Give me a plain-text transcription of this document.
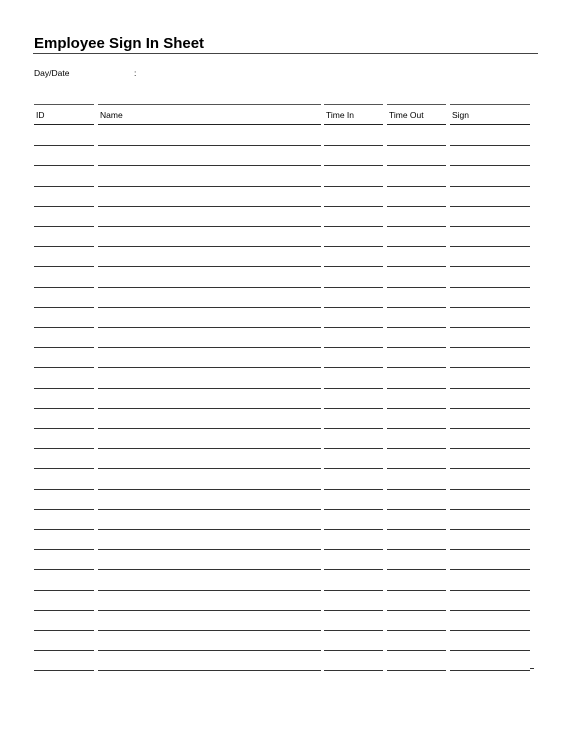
Employee Sign In Sheet
Day/Date	:
ID	Name	Time In	Time Out	Sign
